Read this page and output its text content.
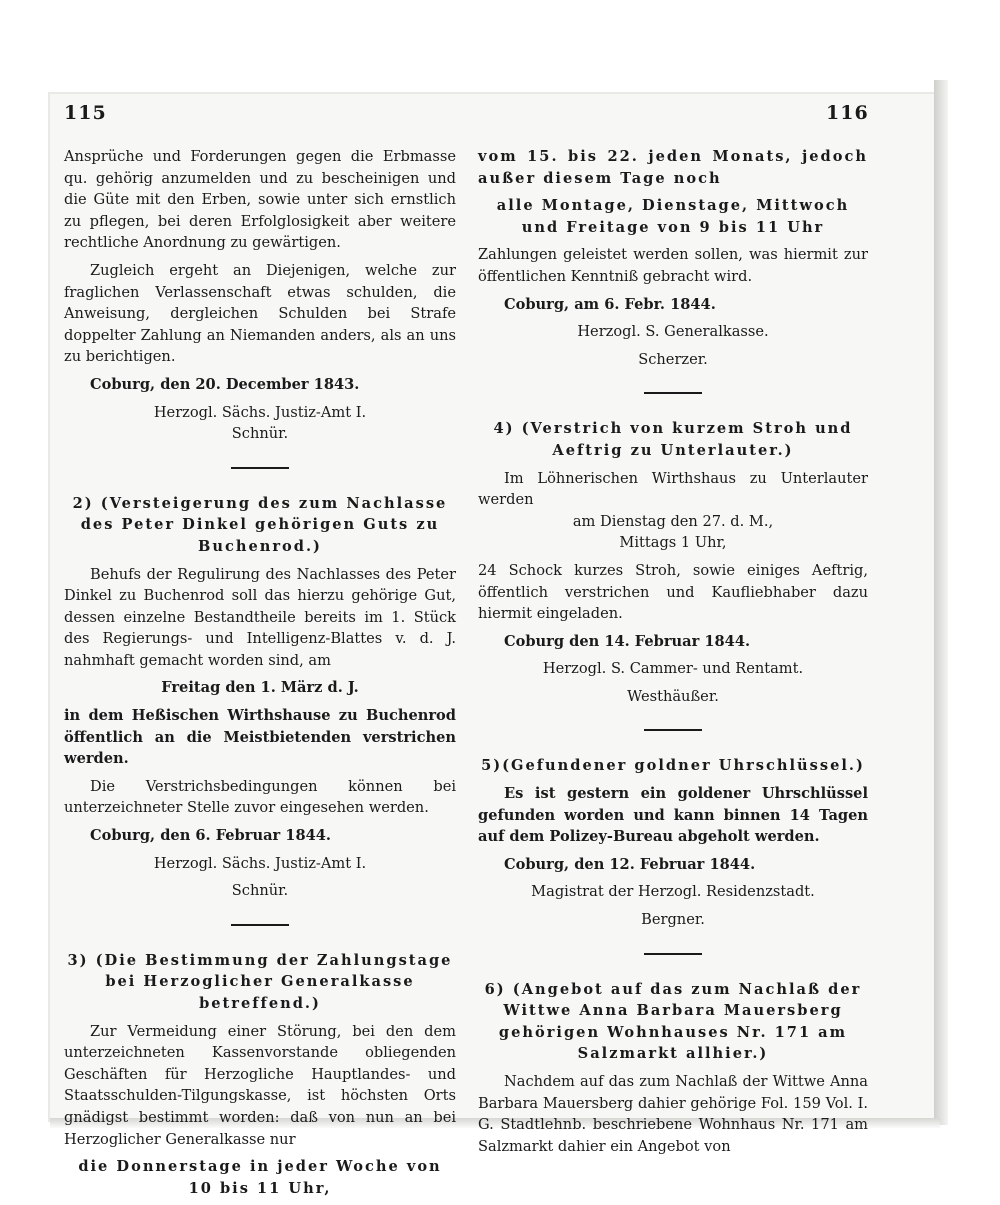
115	116

Ansprüche und Forderungen gegen die Erbmasse qu. gehörig anzumelden und zu bescheinigen und die Güte mit den Erben, sowie unter sich ernstlich zu pflegen, bei deren Erfolglosigkeit aber weitere rechtliche Anordnung zu gewärtigen.

Zugleich ergeht an Diejenigen, welche zur fraglichen Verlassenschaft etwas schulden, die Anweisung, dergleichen Schulden bei Strafe doppelter Zahlung an Niemanden anders, als an uns zu berichtigen.

Coburg, den 20. December 1843.

Herzogl. Sächs. Justiz-Amt I.

Schnür.

2) (Versteigerung des zum Nachlasse des Peter Dinkel gehörigen Guts zu Buchenrod.)

Behufs der Regulirung des Nachlasses des Peter Dinkel zu Buchenrod soll das hierzu gehörige Gut, dessen einzelne Bestandtheile bereits im 1. Stück des Regierungs- und Intelligenz-Blattes v. d. J. nahmhaft gemacht worden sind, am

Freitag den 1. März d. J.

in dem Heßischen Wirthshause zu Buchenrod öffentlich an die Meistbietenden verstrichen werden.

Die Verstrichsbedingungen können bei unterzeichneter Stelle zuvor eingesehen werden.

Coburg, den 6. Februar 1844.

Herzogl. Sächs. Justiz-Amt I.

Schnür.

3) (Die Bestimmung der Zahlungstage bei Herzoglicher Generalkasse betreffend.)

Zur Vermeidung einer Störung, bei den dem unterzeichneten Kassenvorstande obliegenden Geschäften für Herzogliche Hauptlandes- und Staatsschulden-Tilgungskasse, ist höchsten Orts gnädigst bestimmt worden: daß von nun an bei Herzoglicher Generalkasse nur

die Donnerstage in jeder Woche von 10 bis 11 Uhr,

vom 15. bis 22. jeden Monats, jedoch außer diesem Tage noch

alle Montage, Dienstage, Mittwoch und Freitage von 9 bis 11 Uhr

Zahlungen geleistet werden sollen, was hiermit zur öffentlichen Kenntniß gebracht wird.

Coburg, am 6. Febr. 1844.

Herzogl. S. Generalkasse.

Scherzer.

4) (Verstrich von kurzem Stroh und Aeftrig zu Unterlauter.)

Im Löhnerischen Wirthshaus zu Unterlauter werden

am Dienstag den 27. d. M.,

Mittags 1 Uhr,

24 Schock kurzes Stroh, sowie einiges Aeftrig, öffentlich verstrichen und Kaufliebhaber dazu hiermit eingeladen.

Coburg den 14. Februar 1844.

Herzogl. S. Cammer- und Rentamt.

Westhäußer.

5)(Gefundener goldner Uhrschlüssel.)

Es ist gestern ein goldener Uhrschlüssel gefunden worden und kann binnen 14 Tagen auf dem Polizey-Bureau abgeholt werden.

Coburg, den 12. Februar 1844.

Magistrat der Herzogl. Residenzstadt.

Bergner.

6) (Angebot auf das zum Nachlaß der Wittwe Anna Barbara Mauersberg gehörigen Wohnhauses Nr. 171 am Salzmarkt allhier.)

Nachdem auf das zum Nachlaß der Wittwe Anna Barbara Mauersberg dahier gehörige Fol. 159 Vol. I. G. Stadtlehnb. beschriebene Wohnhaus Nr. 171 am Salzmarkt dahier ein Angebot von
